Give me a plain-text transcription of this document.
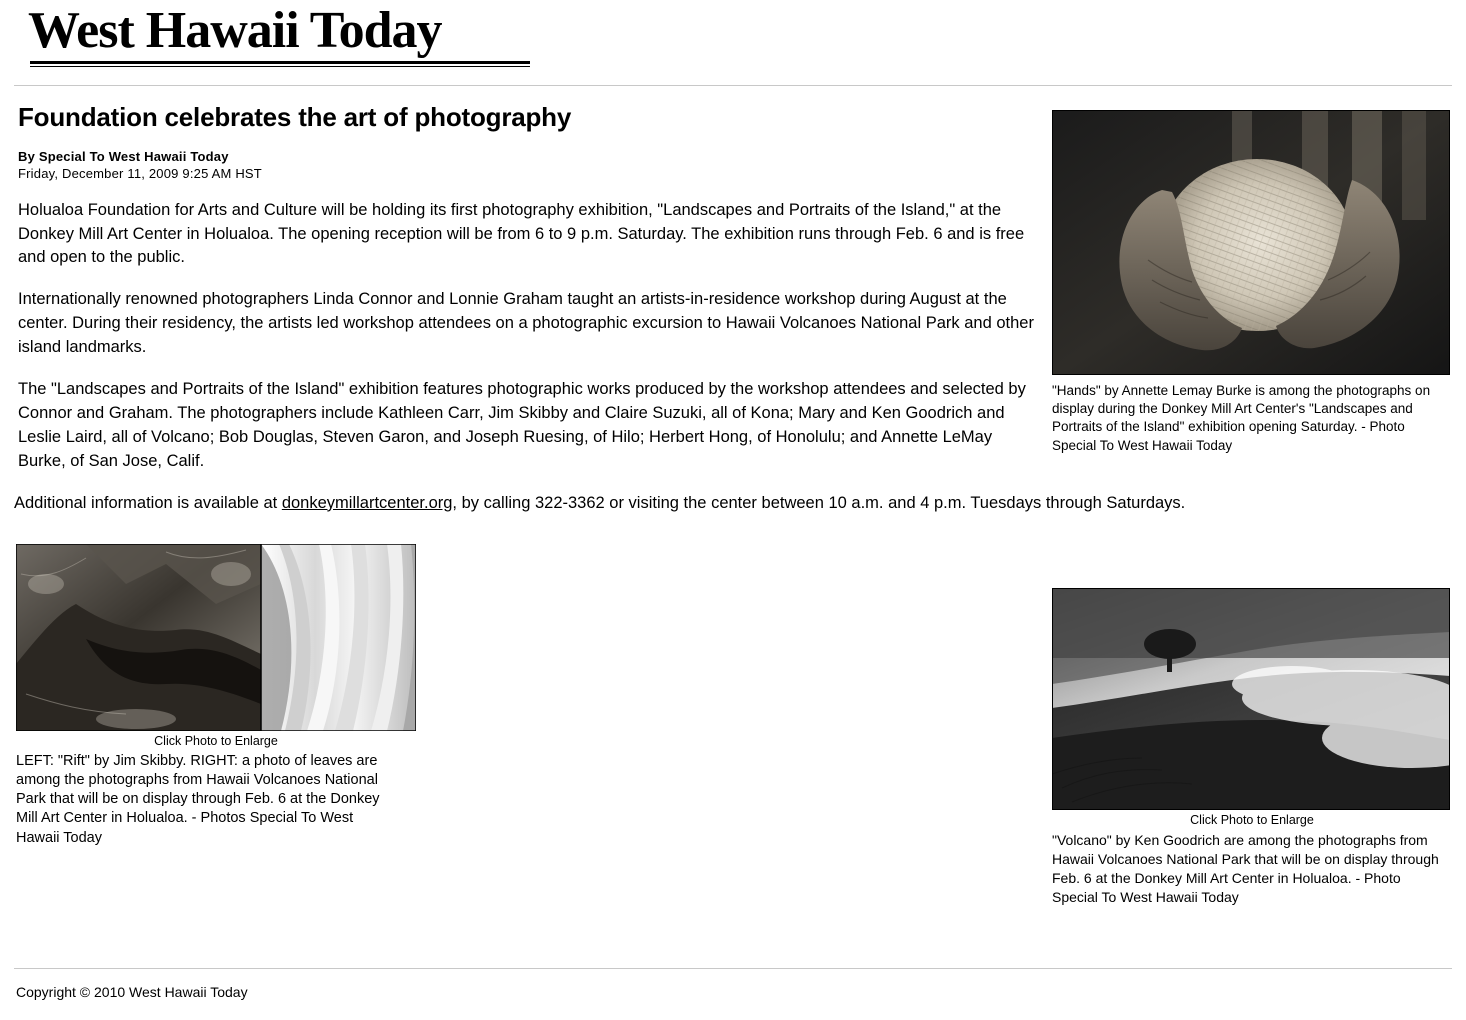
West Hawaii Today
Foundation celebrates the art of photography
By Special To West Hawaii Today
Friday, December 11, 2009 9:25 AM HST

Holualoa Foundation for Arts and Culture will be holding its first photography exhibition, "Landscapes and Portraits of the Island," at the Donkey Mill Art Center in Holualoa. The opening reception will be from 6 to 9 p.m. Saturday. The exhibition runs through Feb. 6 and is free and open to the public.

Internationally renowned photographers Linda Connor and Lonnie Graham taught an artists-in-residence workshop during August at the center. During their residency, the artists led workshop attendees on a photographic excursion to Hawaii Volcanoes National Park and other island landmarks.

The "Landscapes and Portraits of the Island" exhibition features photographic works produced by the workshop attendees and selected by Connor and Graham. The photographers include Kathleen Carr, Jim Skibby and Claire Suzuki, all of Kona; Mary and Ken Goodrich and Leslie Laird, all of Volcano; Bob Douglas, Steven Garon, and Joseph Ruesing, of Hilo; Herbert Hong, of Honolulu; and Annette LeMay Burke, of San Jose, Calif.

Additional information is available at donkeymillartcenter.org, by calling 322-3362 or visiting the center between 10 a.m. and 4 p.m. Tuesdays through Saturdays.

"Hands" by Annette Lemay Burke is among the photographs on display during the Donkey Mill Art Center's "Landscapes and Portraits of the Island" exhibition opening Saturday. - Photo Special To West Hawaii Today
Click Photo to Enlarge
LEFT: "Rift" by Jim Skibby. RIGHT: a photo of leaves are among the photographs from Hawaii Volcanoes National Park that will be on display through Feb. 6 at the Donkey Mill Art Center in Holualoa. - Photos Special To West Hawaii Today
Click Photo to Enlarge
"Volcano" by Ken Goodrich are among the photographs from Hawaii Volcanoes National Park that will be on display through Feb. 6 at the Donkey Mill Art Center in Holualoa. - Photo Special To West Hawaii Today
Copyright © 2010 West Hawaii Today
